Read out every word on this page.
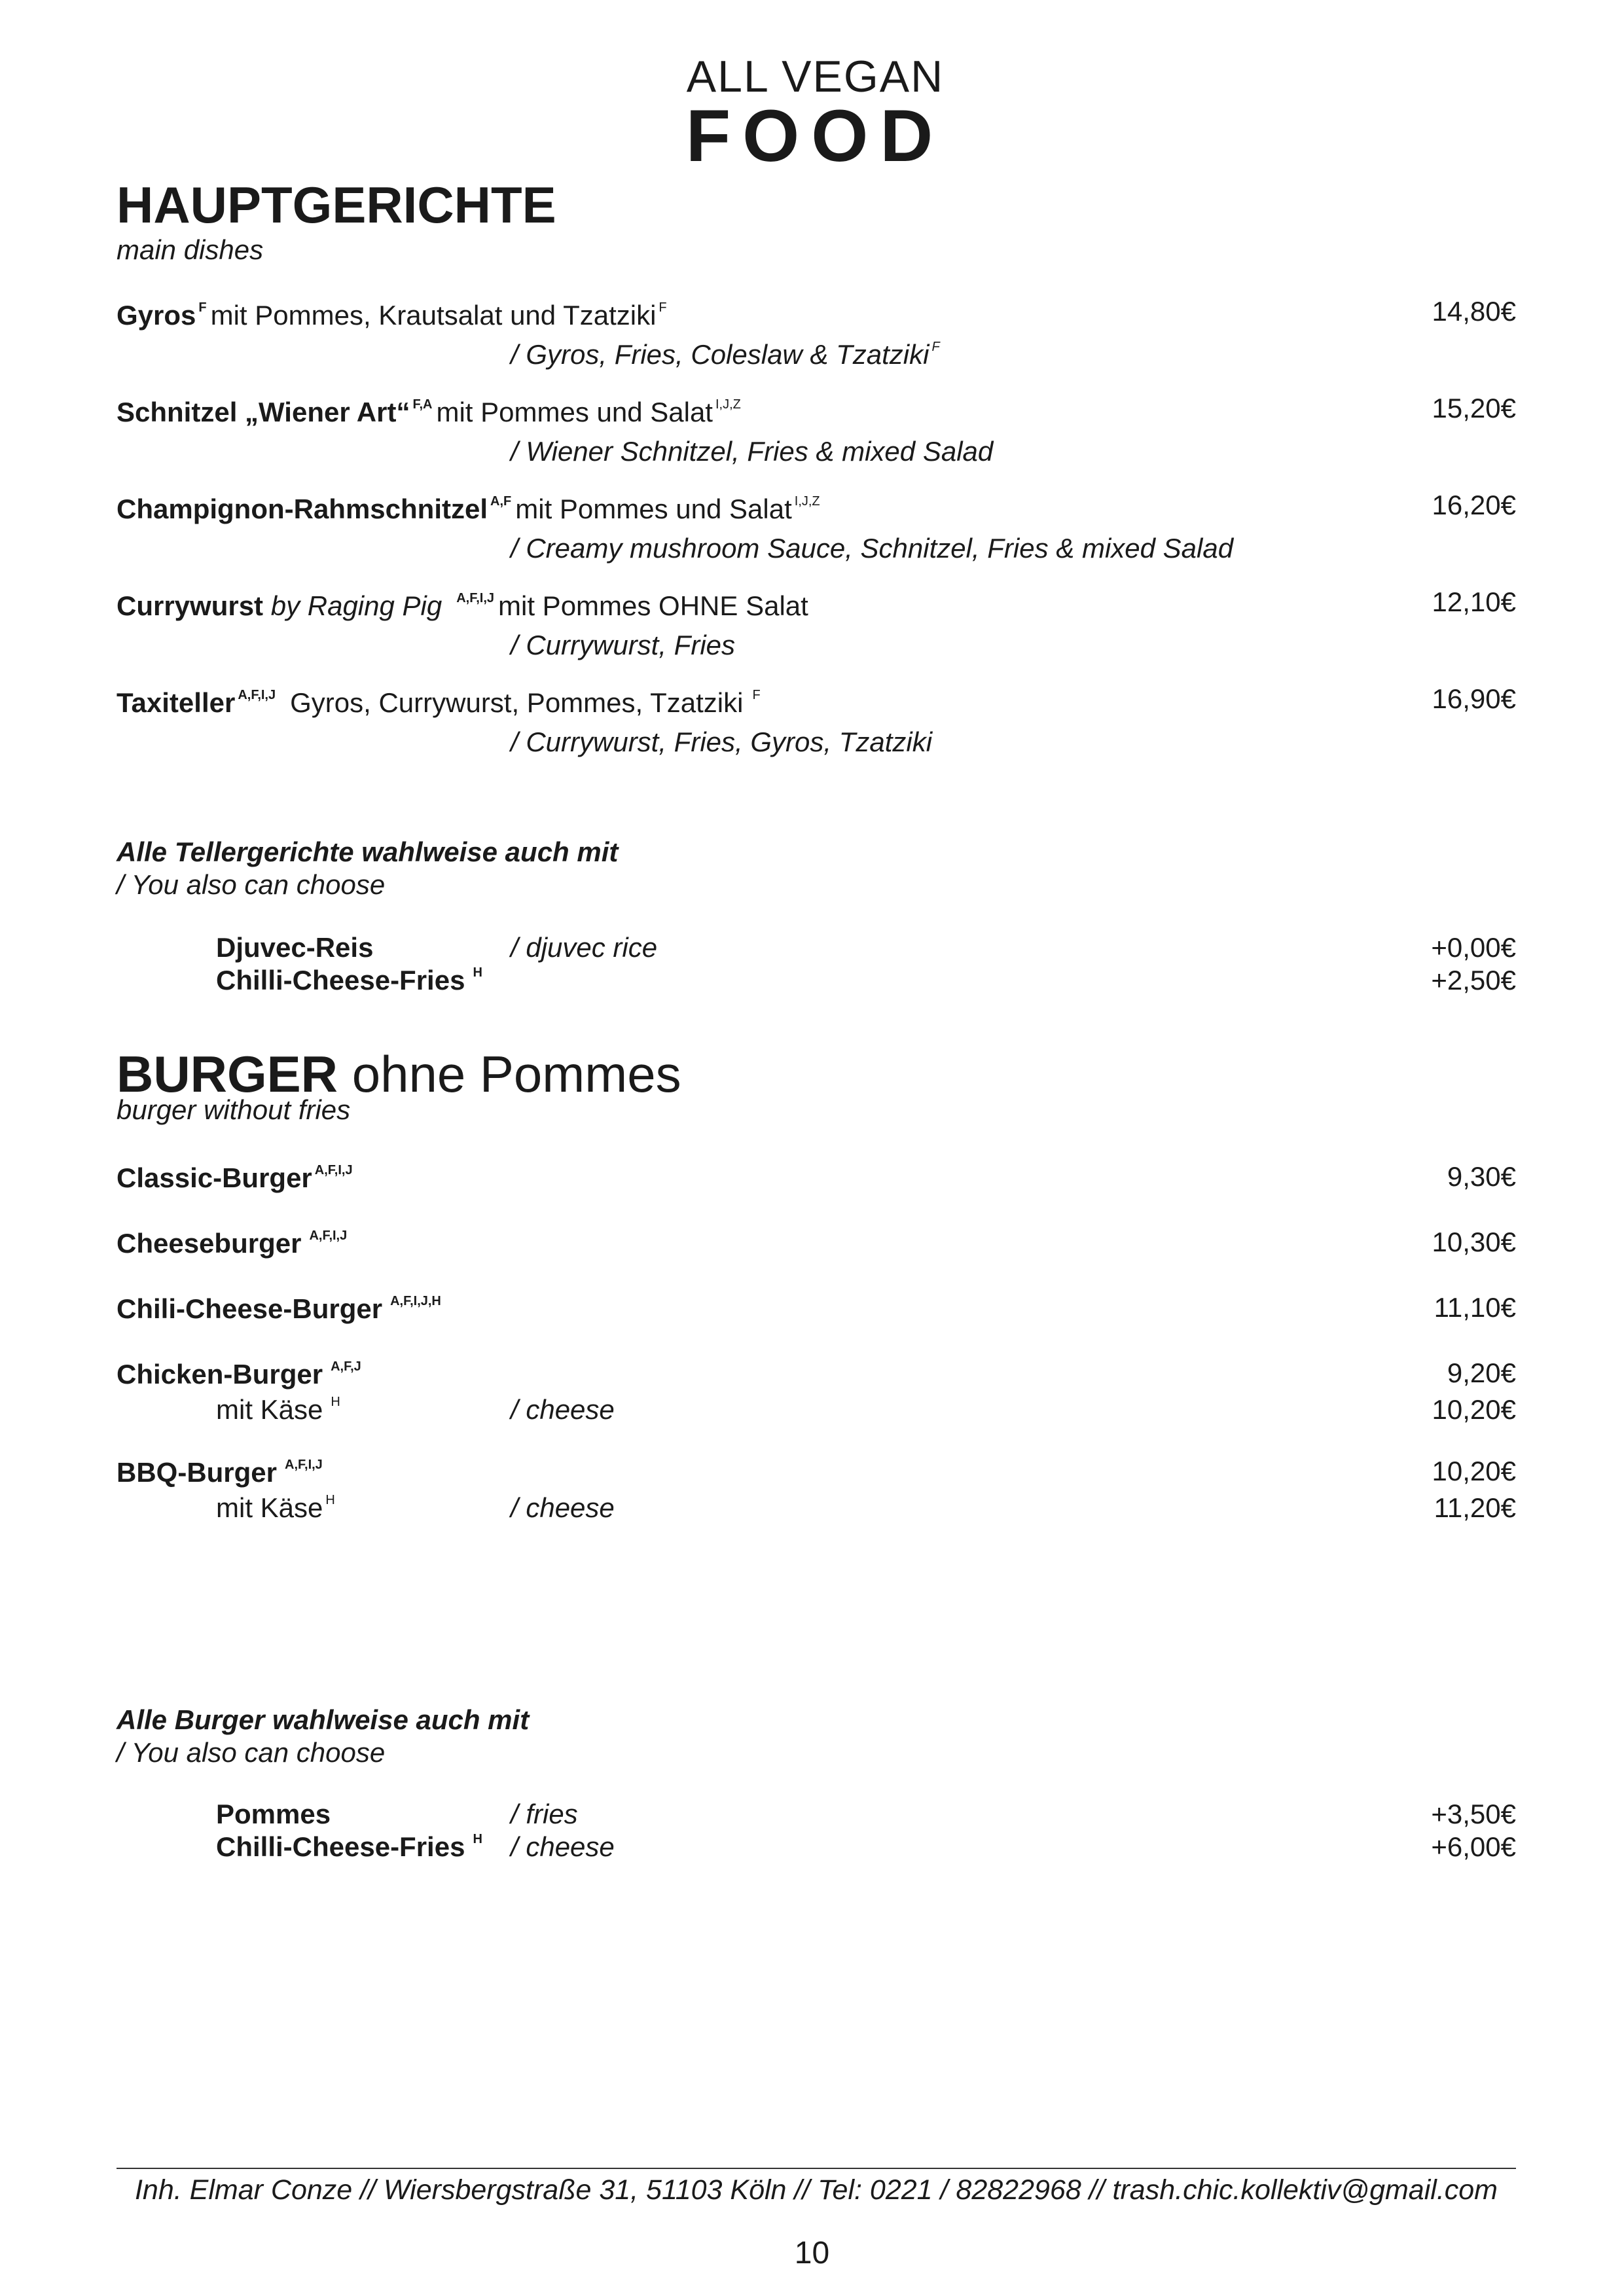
ALL VEGAN
FOOD
HAUPTGERICHTE
main dishes
Gyros $^F$ mit Pommes, Krautsalat und Tzatziki $^F$
/ Gyros, Fries, Coleslaw & Tzatziki $^F$
14,80€
Schnitzel „Wiener Art“ $^{F,A}$ mit Pommes und Salat $^{I,J,Z}$
/ Wiener Schnitzel, Fries & mixed Salad
15,20€
Champignon-Rahmschnitzel $^{A,F}$ mit Pommes und Salat $^{I,J,Z}$
/ Creamy mushroom Sauce, Schnitzel, Fries & mixed Salad
16,20€
Currywurst by Raging Pig $^{A,F,I,J}$ mit Pommes OHNE Salat
/ Currywurst, Fries
12,10€
Taxiteller $^{A,F,I,J}$ Gyros, Currywurst, Pommes, Tzatziki $^F$
/ Currywurst, Fries, Gyros, Tzatziki
16,90€
Alle Tellergerichte wahlweise auch mit
/ You also can choose
Djuvec-Reis	/ djuvec rice	+0,00€
Chilli-Cheese-Fries $^H$	+2,50€
BURGER ohne Pommes
burger without fries
Classic-Burger $^{A,F,I,J}$	9,30€
Cheeseburger $^{A,F,I,J}$	10,30€
Chili-Cheese-Burger $^{A,F,I,J,H}$	11,10€
Chicken-Burger $^{A,F,J}$	9,20€
mit Käse $^H$	/ cheese	10,20€
BBQ-Burger $^{A,F,I,J}$	10,20€
mit Käse $^H$	/ cheese	11,20€
Alle Burger wahlweise auch mit
/ You also can choose
Pommes	/ fries	+3,50€
Chilli-Cheese-Fries $^H$ / cheese	+6,00€
Inh. Elmar Conze // Wiersbergstraße 31, 51103 Köln // Tel: 0221 / 82822968 // trash.chic.kollektiv@gmail.com
10
